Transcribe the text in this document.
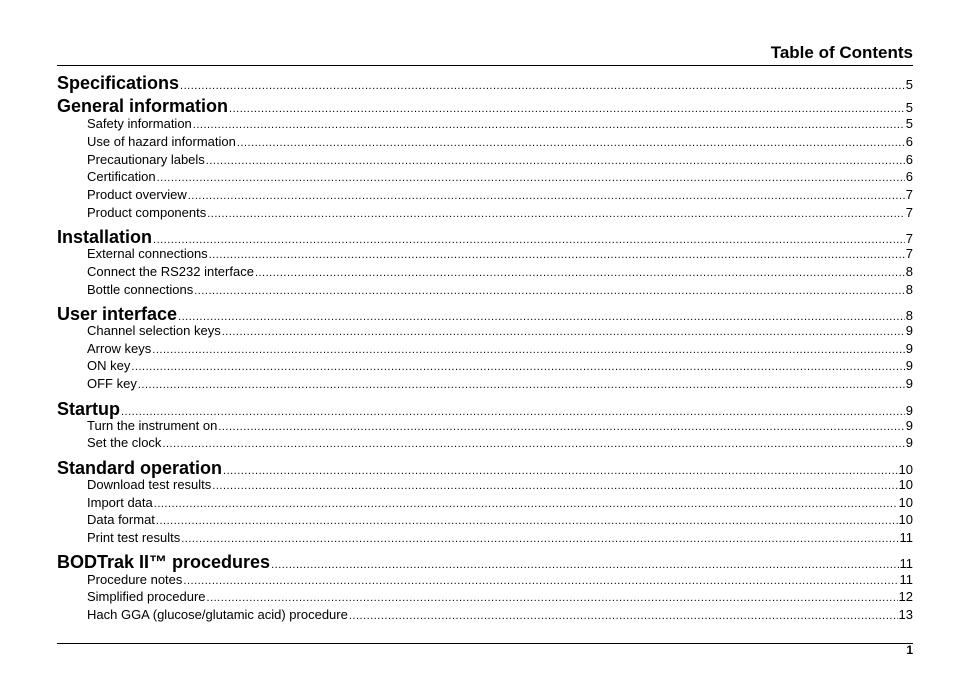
Table of Contents
Specifications .....	5
General information .....	5
Safety information .....	5
Use of hazard information .....	6
Precautionary labels .....	6
Certification .....	6
Product overview .....	7
Product components .....	7
Installation .....	7
External connections .....	7
Connect the RS232 interface .....	8
Bottle connections .....	8
User interface .....	8
Channel selection keys .....	9
Arrow keys .....	9
ON key .....	9
OFF key .....	9
Startup .....	9
Turn the instrument on .....	9
Set the clock .....	9
Standard operation .....	10
Download test results .....	10
Import data .....	10
Data format .....	10
Print test results .....	11
BODTrak II™ procedures .....	11
Procedure notes .....	11
Simplified procedure .....	12
Hach GGA (glucose/glutamic acid) procedure .....	13
1
